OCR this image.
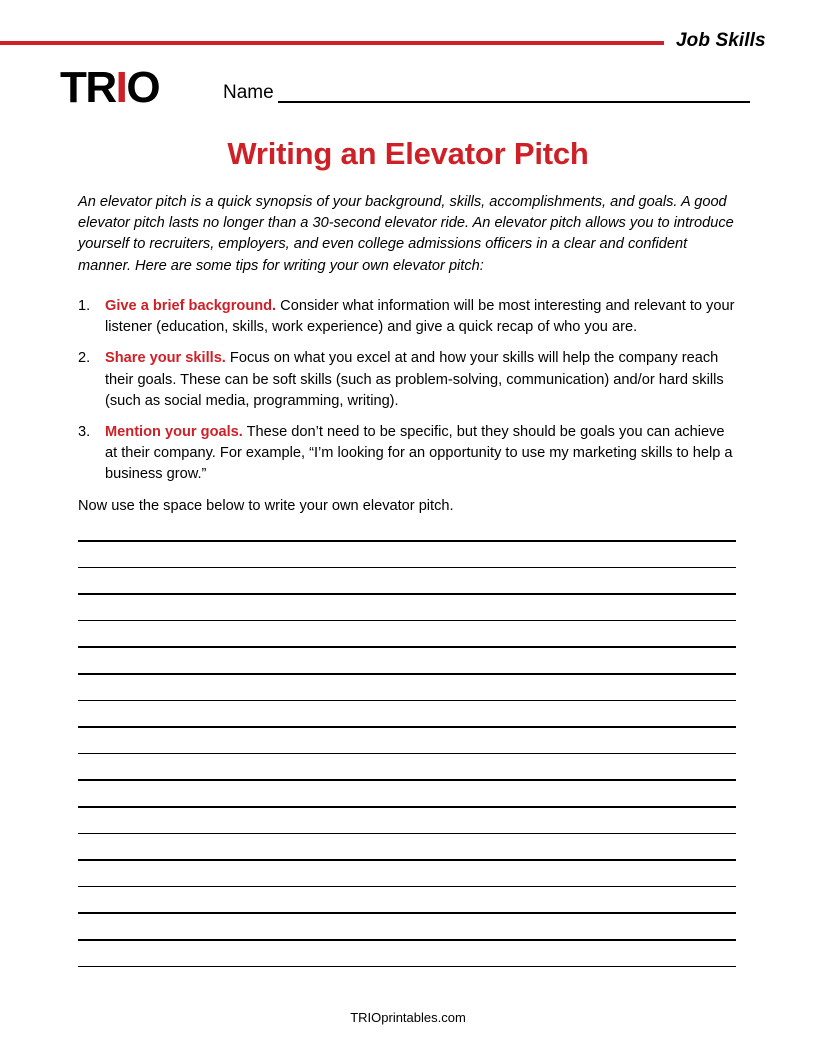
Job Skills
TRIO	Name
Writing an Elevator Pitch
An elevator pitch is a quick synopsis of your background, skills, accomplishments, and goals. A good elevator pitch lasts no longer than a 30-second elevator ride. An elevator pitch allows you to introduce yourself to recruiters, employers, and even college admissions officers in a clear and confident manner. Here are some tips for writing your own elevator pitch:
1.	Give a brief background. Consider what information will be most interesting and relevant to your listener (education, skills, work experience) and give a quick recap of who you are.
2.	Share your skills. Focus on what you excel at and how your skills will help the company reach their goals. These can be soft skills (such as problem-solving, communication) and/or hard skills (such as social media, programming, writing).
3.	Mention your goals. These don’t need to be specific, but they should be goals you can achieve at their company. For example, “I’m looking for an opportunity to use my marketing skills to help a business grow.”
Now use the space below to write your own elevator pitch.
TRIOprintables.com
